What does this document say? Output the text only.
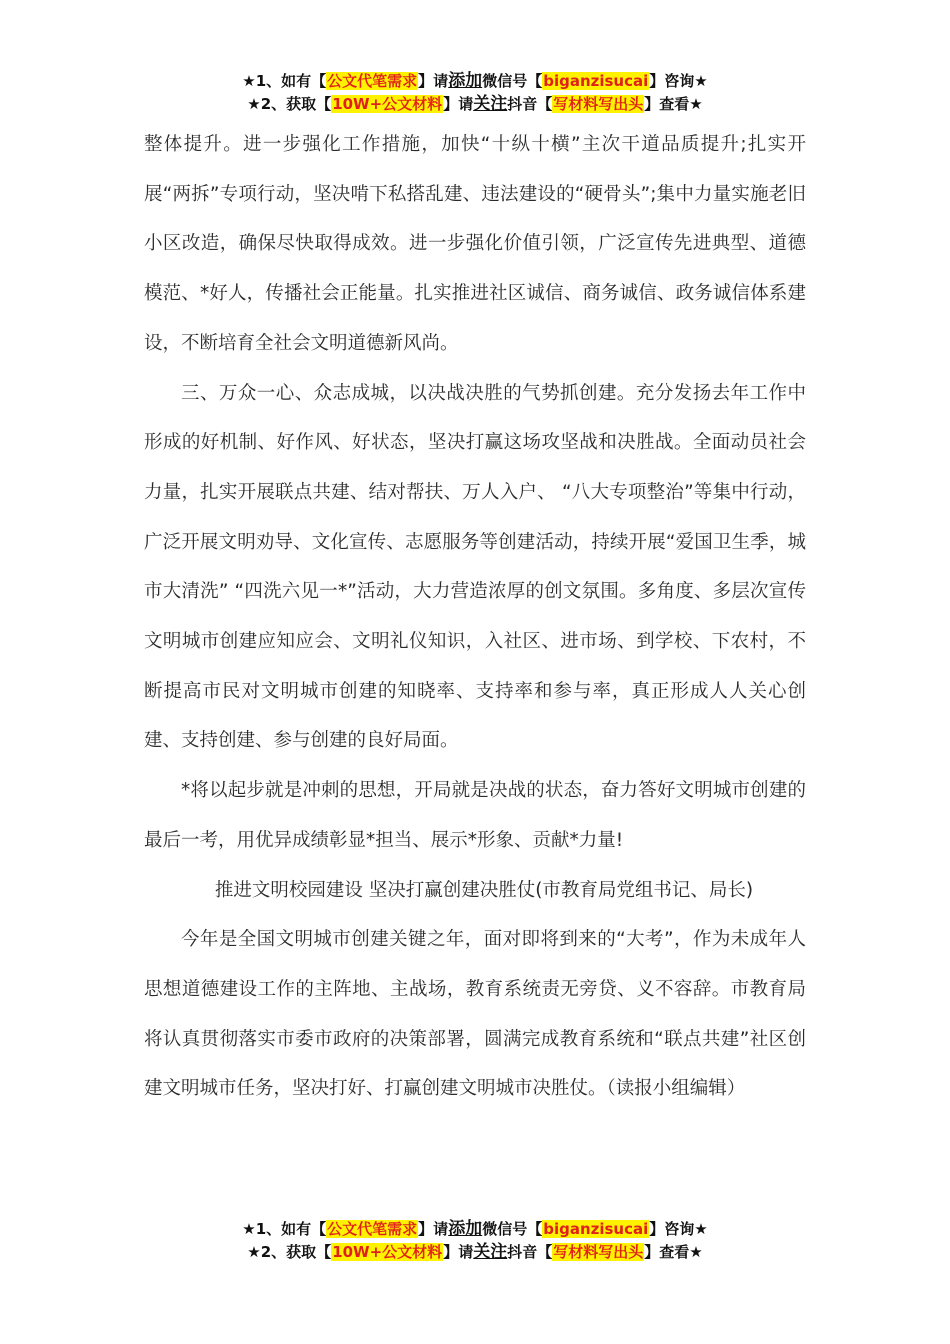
★1、如有【公文代笔需求】请添加微信号【biganzisucai】咨询★
★2、获取【10W+公文材料】请关注抖音【写材料写出头】查看★

整体提升。进一步强化工作措施，加快“十纵十横”主次干道品质提升;扎实开展“两拆”专项行动，坚决啃下私搭乱建、违法建设的“硬骨头”;集中力量实施老旧小区改造，确保尽快取得成效。进一步强化价值引领，广泛宣传先进典型、道德模范、*好人，传播社会正能量。扎实推进社区诚信、商务诚信、政务诚信体系建设，不断培育全社会文明道德新风尚。

三、万众一心、众志成城，以决战决胜的气势抓创建。充分发扬去年工作中形成的好机制、好作风、好状态，坚决打赢这场攻坚战和决胜战。全面动员社会力量，扎实开展联点共建、结对帮扶、万人入户、 “八大专项整治”等集中行动，广泛开展文明劝导、文化宣传、志愿服务等创建活动，持续开展“爱国卫生季，城市大清洗” “四洗六见一*”活动，大力营造浓厚的创文氛围。多角度、多层次宣传文明城市创建应知应会、文明礼仪知识，入社区、进市场、到学校、下农村，不断提高市民对文明城市创建的知晓率、支持率和参与率，真正形成人人关心创建、支持创建、参与创建的良好局面。

*将以起步就是冲刺的思想，开局就是决战的状态，奋力答好文明城市创建的最后一考，用优异成绩彰显*担当、展示*形象、贡献*力量!

推进文明校园建设 坚决打赢创建决胜仗(市教育局党组书记、局长)

今年是全国文明城市创建关键之年，面对即将到来的“大考”，作为未成年人思想道德建设工作的主阵地、主战场，教育系统责无旁贷、义不容辞。市教育局将认真贯彻落实市委市政府的决策部署，圆满完成教育系统和“联点共建”社区创建文明城市任务，坚决打好、打赢创建文明城市决胜仗。（读报小组编辑）

★1、如有【公文代笔需求】请添加微信号【biganzisucai】咨询★
★2、获取【10W+公文材料】请关注抖音【写材料写出头】查看★
